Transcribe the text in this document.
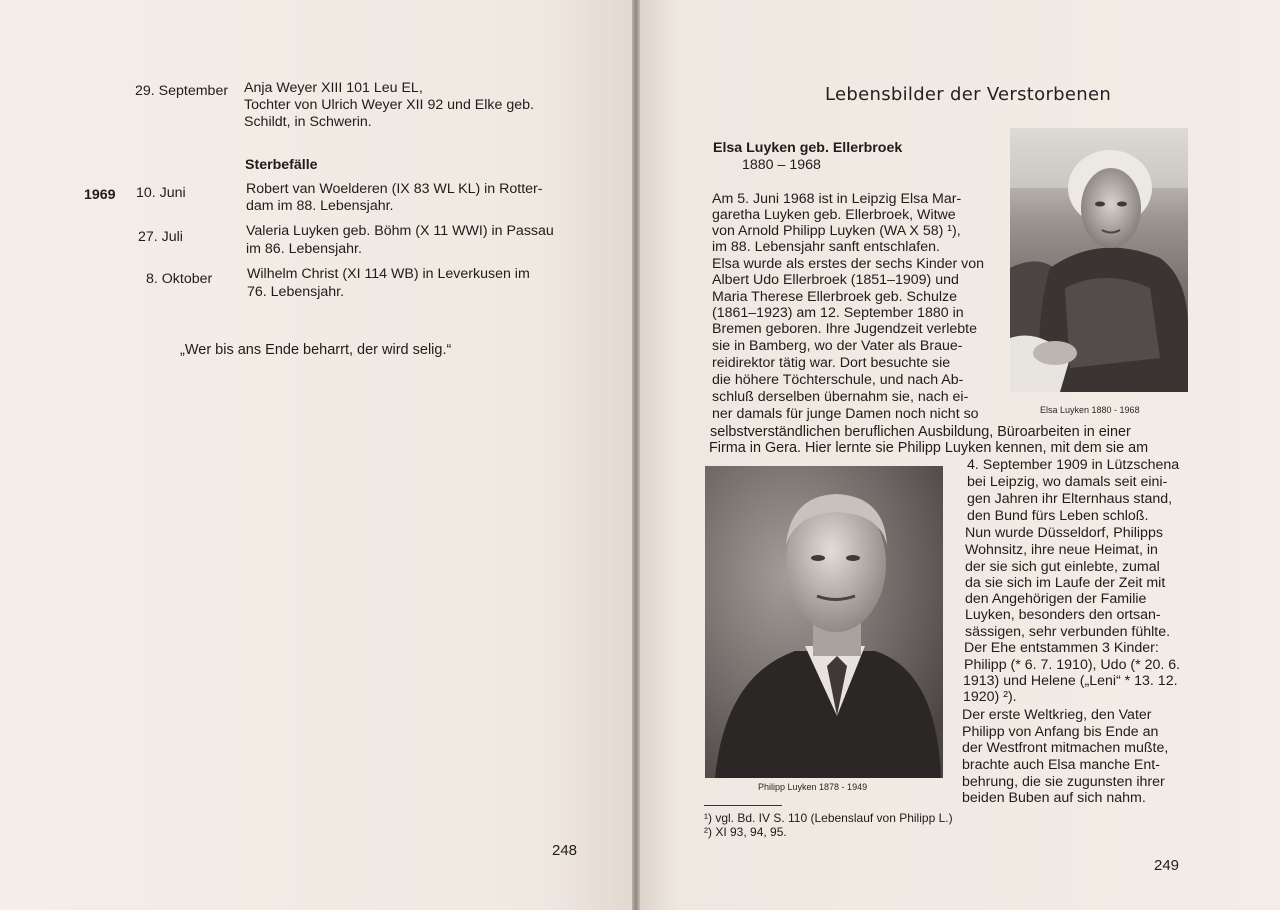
29. September Anja Weyer XIII 101 Leu EL,
Tochter von Ulrich Weyer XII 92 und Elke geb.
Schildt, in Schwerin.
Sterbefälle
1969 10. Juni	Robert van Woelderen (IX 83 WL KL) in Rotter-
dam im 88. Lebensjahr.
27. Juli	Valeria Luyken geb. Böhm (X 11 WWI) in Passau
im 86. Lebensjahr.
8. Oktober Wilhelm Christ (XI 114 WB) in Leverkusen im
76. Lebensjahr.
„Wer bis ans Ende beharrt, der wird selig.“
248
Lebensbilder der Verstorbenen
Elsa Luyken geb. Ellerbroek
1880 – 1968
Elsa Luyken 1880 - 1968
Am 5. Juni 1968 ist in Leipzig Elsa Mar-
garetha Luyken geb. Ellerbroek, Witwe
von Arnold Philipp Luyken (WA X 58) ¹),
im 88. Lebensjahr sanft entschlafen.
Elsa wurde als erstes der sechs Kinder von
Albert Udo Ellerbroek (1851–1909) und
Maria Therese Ellerbroek geb. Schulze
(1861–1923) am 12. September 1880 in
Bremen geboren. Ihre Jugendzeit verlebte
sie in Bamberg, wo der Vater als Braue-
reidirektor tätig war. Dort besuchte sie
die höhere Töchterschule, und nach Ab-
schluß derselben übernahm sie, nach ei-
ner damals für junge Damen noch nicht so
selbstverständlichen beruflichen Ausbildung, Büroarbeiten in einer
Firma in Gera. Hier lernte sie Philipp Luyken kennen, mit dem sie am
Philipp Luyken 1878 - 1949
4. September 1909 in Lützschena
bei Leipzig, wo damals seit eini-
gen Jahren ihr Elternhaus stand,
den Bund fürs Leben schloß.
Nun wurde Düsseldorf, Philipps
Wohnsitz, ihre neue Heimat, in
der sie sich gut einlebte, zumal
da sie sich im Laufe der Zeit mit
den Angehörigen der Familie
Luyken, besonders den ortsan-
sässigen, sehr verbunden fühlte.
Der Ehe entstammen 3 Kinder:
Philipp (* 6. 7. 1910), Udo (* 20. 6.
1913) und Helene („Leni“ * 13. 12.
1920) ²).
Der erste Weltkrieg, den Vater
Philipp von Anfang bis Ende an
der Westfront mitmachen mußte,
brachte auch Elsa manche Ent-
behrung, die sie zugunsten ihrer
beiden Buben auf sich nahm.
¹) vgl. Bd. IV S. 110 (Lebenslauf von Philipp L.)
²) XI 93, 94, 95.
249
